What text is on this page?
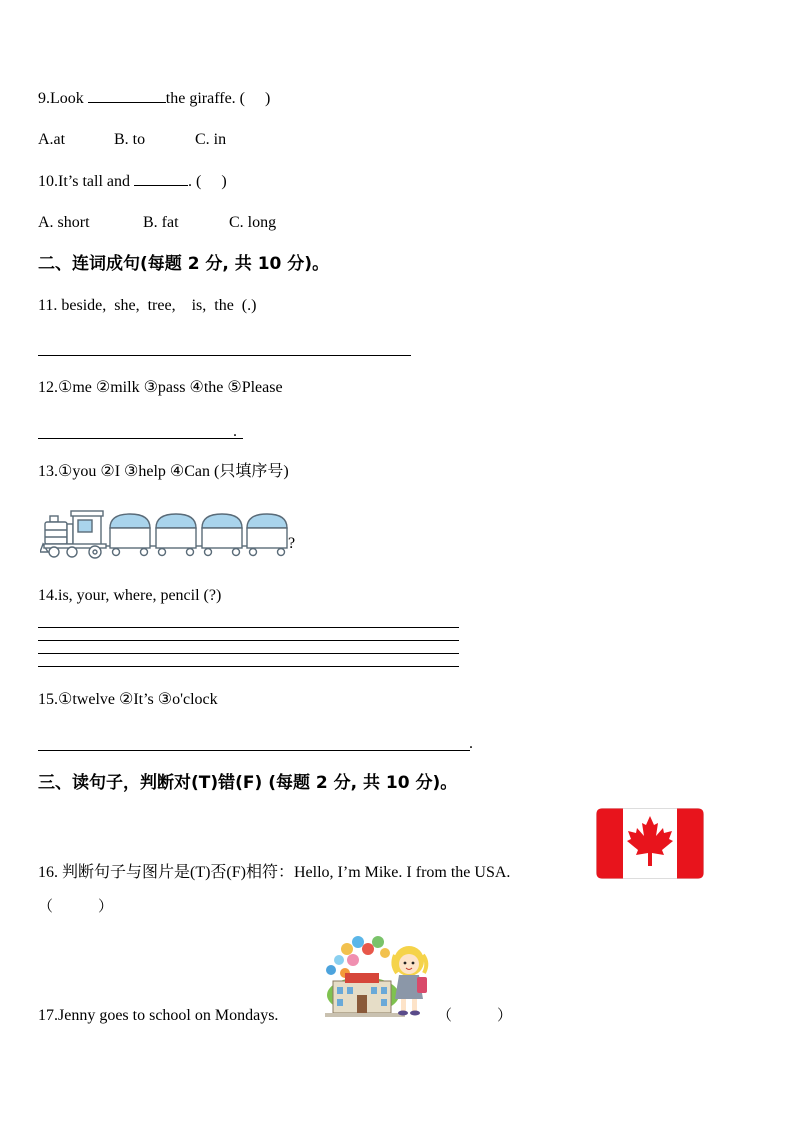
9.Look	the giraffe. (　 )
A.at	B. to	C. in
10.It’s tall and	. (　 )
A. short	B. fat	C. long
二、连词成句(每题 2 分, 共 10 分)。
11. beside,  she,  tree,    is,  the  (.)
12.①me ②milk ③pass ④the ⑤Please
.
13.①you ②I ③help ④Can (只填序号)
?
14.is, your, where, pencil (?)
15.①twelve ②It’s ③o'clock
.
三、读句子，判断对(T)错(F) (每题 2 分, 共 10 分)。
16. 判断句子与图片是(T)否(F)相符：Hello, I’m Mike. I from the USA.
（　　　）
17.Jenny goes to school on Mondays.	（　　　）
